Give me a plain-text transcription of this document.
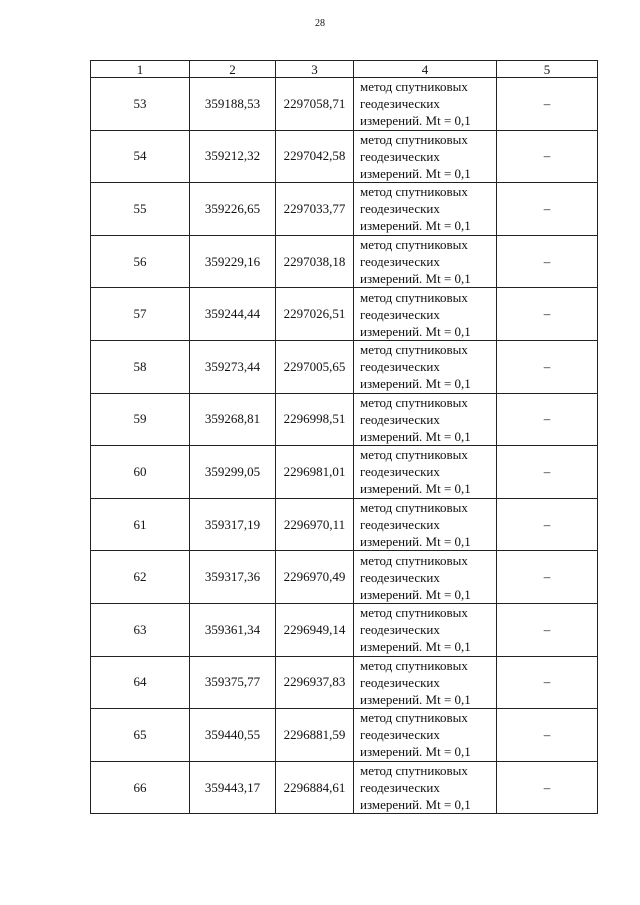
28
1	2	3	4	5
53	359188,53	2297058,71	метод спутниковых
геодезических
измерений. Mt = 0,1	–
54	359212,32	2297042,58	метод спутниковых
геодезических
измерений. Mt = 0,1	–
55	359226,65	2297033,77	метод спутниковых
геодезических
измерений. Mt = 0,1	–
56	359229,16	2297038,18	метод спутниковых
геодезических
измерений. Mt = 0,1	–
57	359244,44	2297026,51	метод спутниковых
геодезических
измерений. Mt = 0,1	–
58	359273,44	2297005,65	метод спутниковых
геодезических
измерений. Mt = 0,1	–
59	359268,81	2296998,51	метод спутниковых
геодезических
измерений. Mt = 0,1	–
60	359299,05	2296981,01	метод спутниковых
геодезических
измерений. Mt = 0,1	–
61	359317,19	2296970,11	метод спутниковых
геодезических
измерений. Mt = 0,1	–
62	359317,36	2296970,49	метод спутниковых
геодезических
измерений. Mt = 0,1	–
63	359361,34	2296949,14	метод спутниковых
геодезических
измерений. Mt = 0,1	–
64	359375,77	2296937,83	метод спутниковых
геодезических
измерений. Mt = 0,1	–
65	359440,55	2296881,59	метод спутниковых
геодезических
измерений. Mt = 0,1	–
66	359443,17	2296884,61	метод спутниковых
геодезических
измерений. Mt = 0,1	–
